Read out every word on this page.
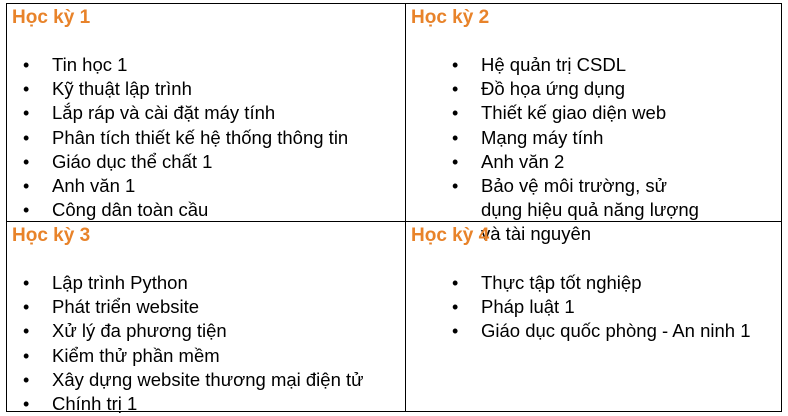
Học kỳ 1
• Tin học 1
• Kỹ thuật lập trình
• Lắp ráp và cài đặt máy tính
• Phân tích thiết kế hệ thống thông tin
• Giáo dục thể chất 1
• Anh văn 1
• Công dân toàn cầu
Học kỳ 2
• Hệ quản trị CSDL
• Đồ họa ứng dụng
• Thiết kế giao diện web
• Mạng máy tính
• Anh văn 2
• Bảo vệ môi trường, sử dụng hiệu quả năng lượng và tài nguyên
Học kỳ 3
• Lập trình Python
• Phát triển website
• Xử lý đa phương tiện
• Kiểm thử phần mềm
• Xây dựng website thương mại điện tử
• Chính trị 1
Học kỳ 4
• Thực tập tốt nghiệp
• Pháp luật 1
• Giáo dục quốc phòng - An ninh 1
